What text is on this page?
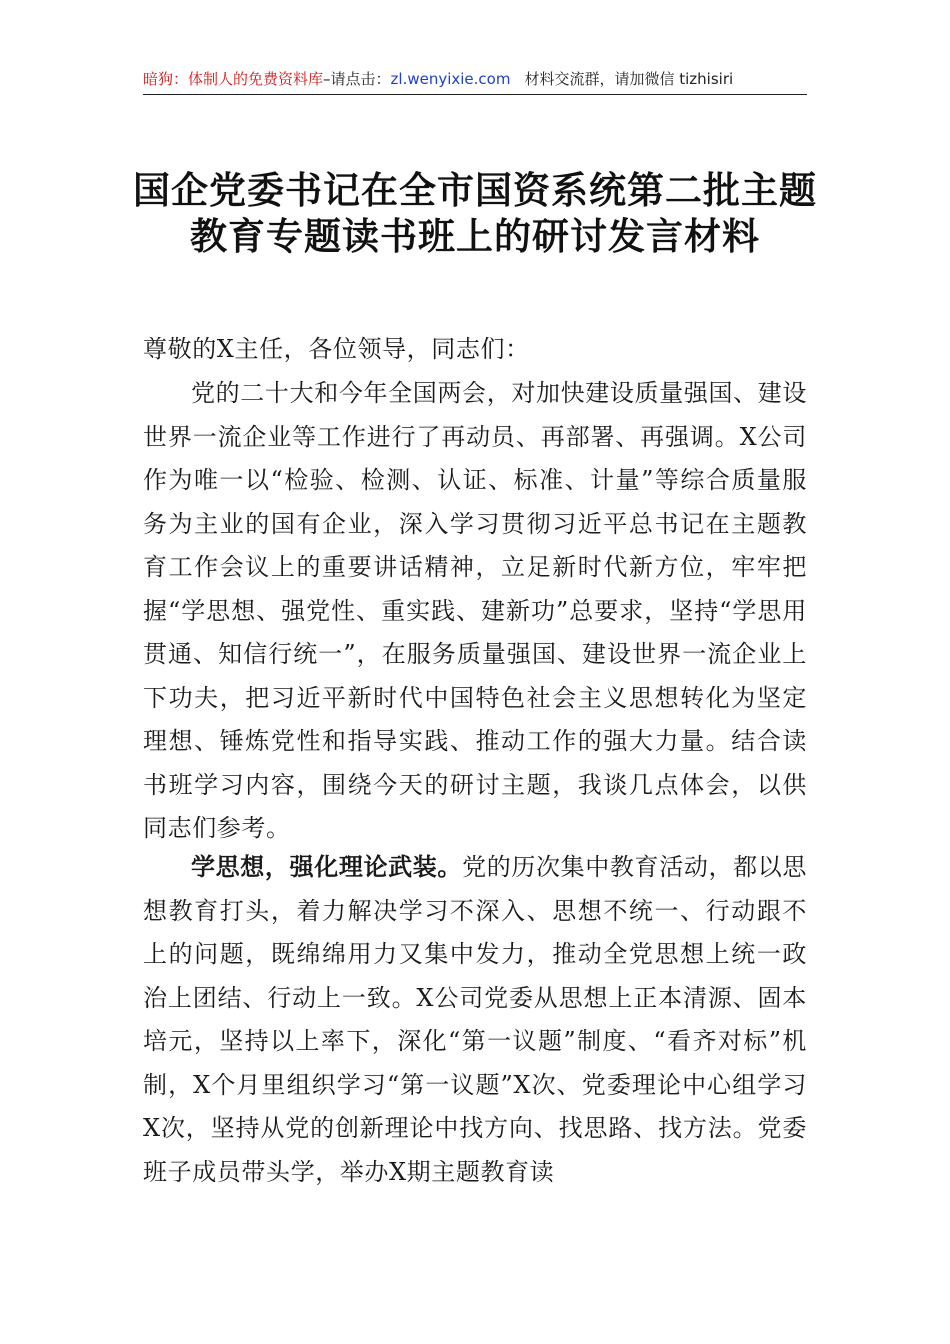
暗狗：体制人的免费资料库–请点击：zl.wenyixie.com 材料交流群，请加微信 tizhisiri
国企党委书记在全市国资系统第二批主题
教育专题读书班上的研讨发言材料
尊敬的X主任，各位领导，同志们：
党的二十大和今年全国两会，对加快建设质量强国、建设世界一流企业等工作进行了再动员、再部署、再强调。X公司作为唯一以“检验、检测、认证、标准、计量”等综合质量服务为主业的国有企业，深入学习贯彻习近平总书记在主题教育工作会议上的重要讲话精神，立足新时代新方位，牢牢把握“学思想、强党性、重实践、建新功”总要求，坚持“学思用贯通、知信行统一”，在服务质量强国、建设世界一流企业上下功夫，把习近平新时代中国特色社会主义思想转化为坚定理想、锤炼党性和指导实践、推动工作的强大力量。结合读书班学习内容，围绕今天的研讨主题，我谈几点体会，以供同志们参考。
学思想，强化理论武装。党的历次集中教育活动，都以思想教育打头，着力解决学习不深入、思想不统一、行动跟不上的问题，既绵绵用力又集中发力，推动全党思想上统一政治上团结、行动上一致。X公司党委从思想上正本清源、固本培元，坚持以上率下，深化“第一议题”制度、“看齐对标”机制，X个月里组织学习“第一议题”X次、党委理论中心组学习X次，坚持从党的创新理论中找方向、找思路、找方法。党委班子成员带头学，举办X期主题教育读
